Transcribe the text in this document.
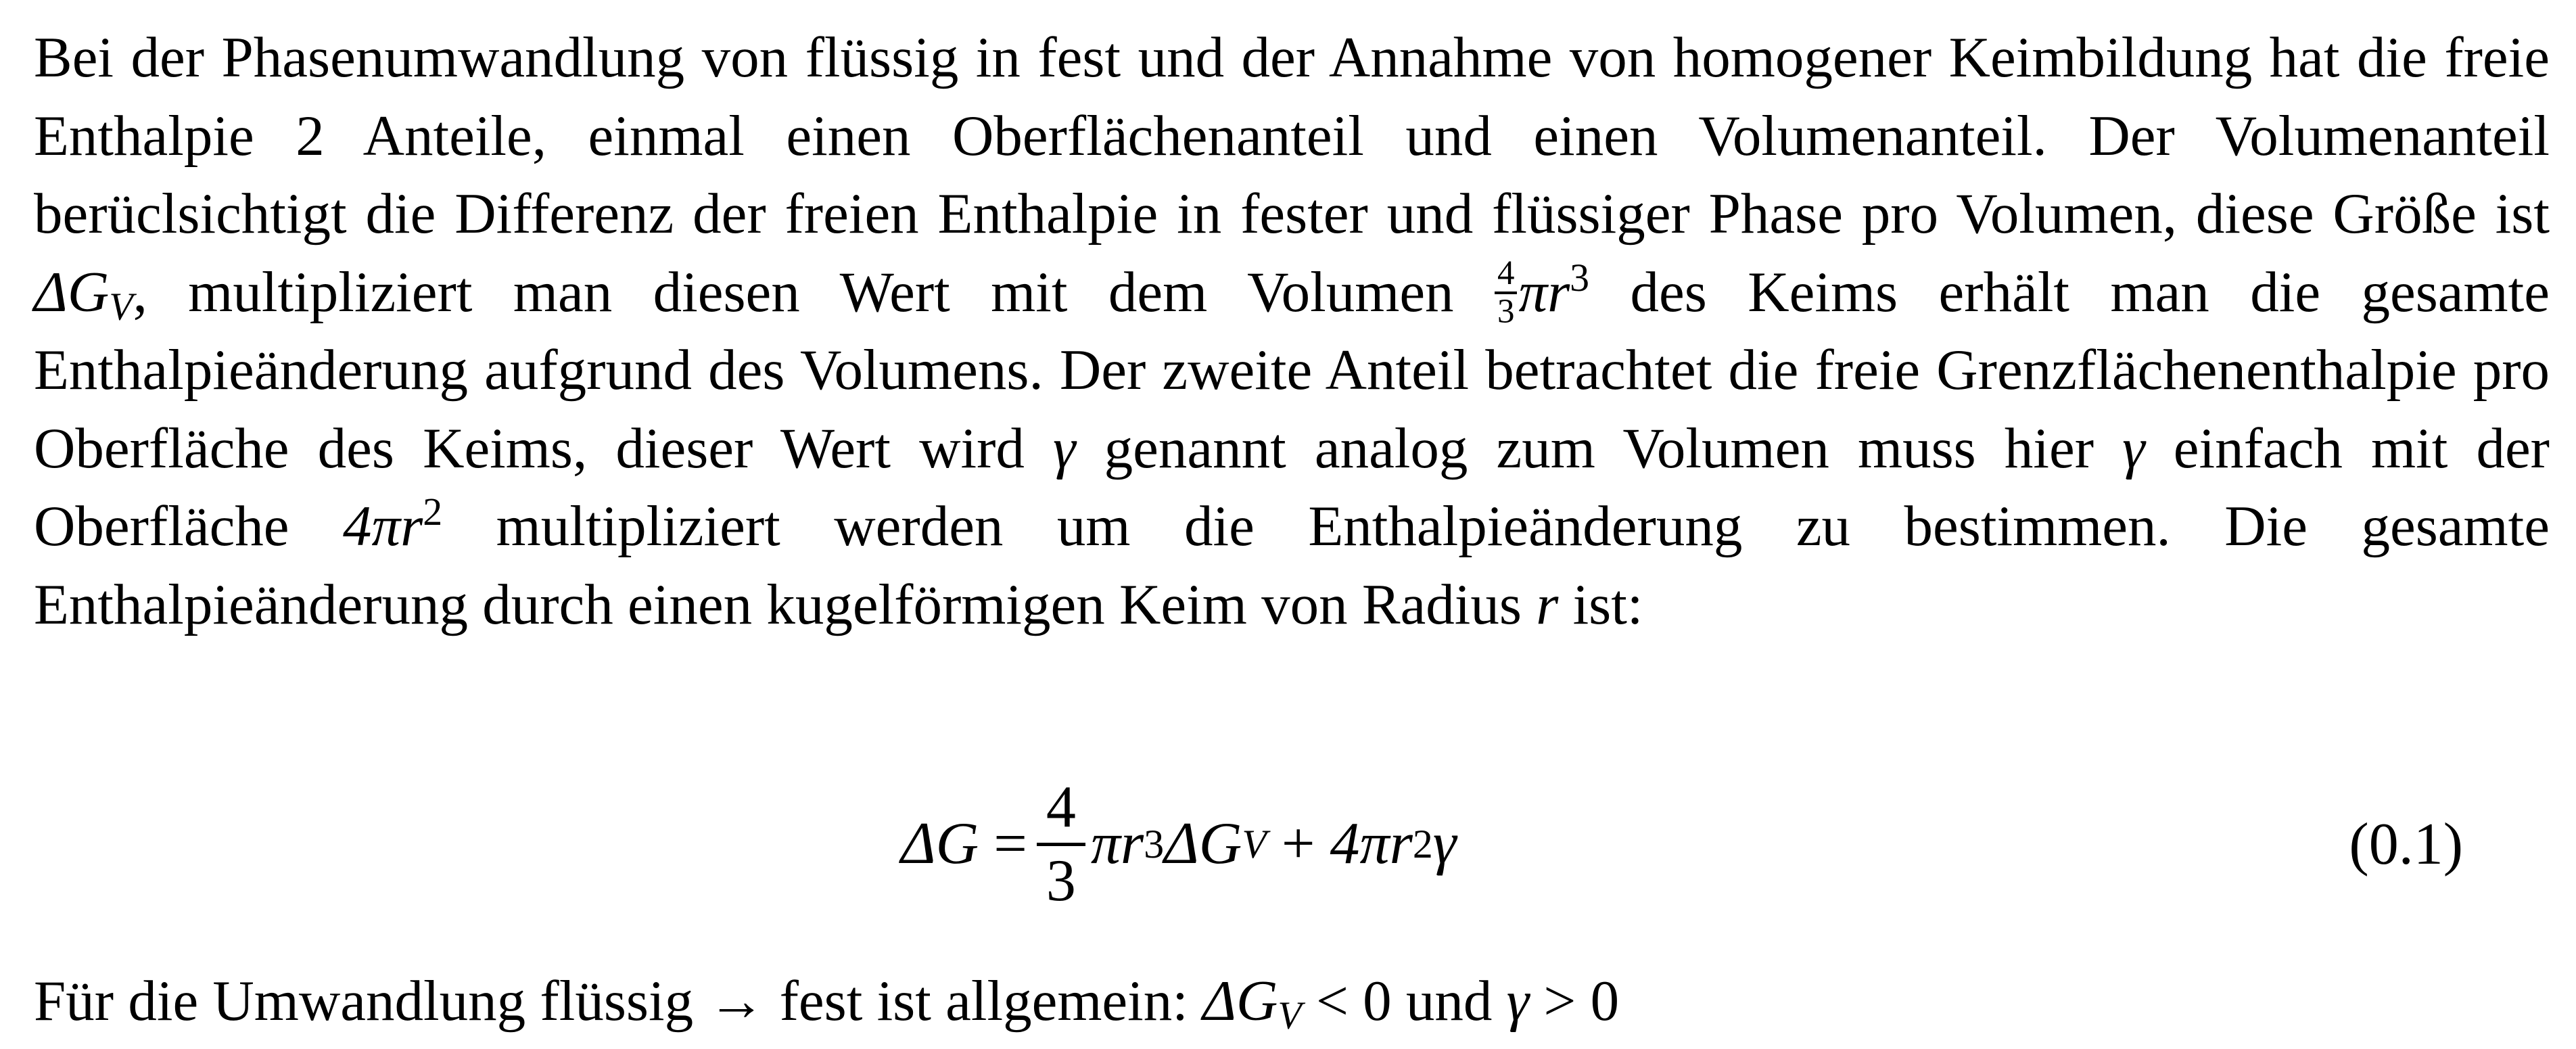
Bei der Phasenumwandlung von flüssig in fest und der Annahme von homogener Keimbildung hat die freie Enthalpie 2 Anteile, einmal einen Oberflächenanteil und einen Volumenanteil. Der Volumenanteil berüclsichtigt die Differenz der freien Enthalpie in fester und flüssiger Phase pro Volumen, diese Größe ist $\Delta G_V$, multipliziert man diesen Wert mit dem Volumen $\frac{4}{3} \pi r^3$ des Keims erhält man die gesamte Enthalpieänderung aufgrund des Volumens. Der zweite Anteil betrachtet die freie Grenzflächenenthalpie pro Oberfläche des Keims, dieser Wert wird γ genannt analog zum Volumen muss hier γ einfach mit der Oberfläche $4\pi r^2$ multipliziert werden um die Enthalpieänderung zu bestimmen. Die gesamte Enthalpieänderung durch einen kugelförmigen Keim von Radius r ist:

$\Delta G = \frac{4}{3}$ πr 3 ΔG V + 4πr 2 γ	(0.1)
Für die Umwandlung flüssig → fest ist allgemein: $\Delta G_V < 0$ und γ > 0
